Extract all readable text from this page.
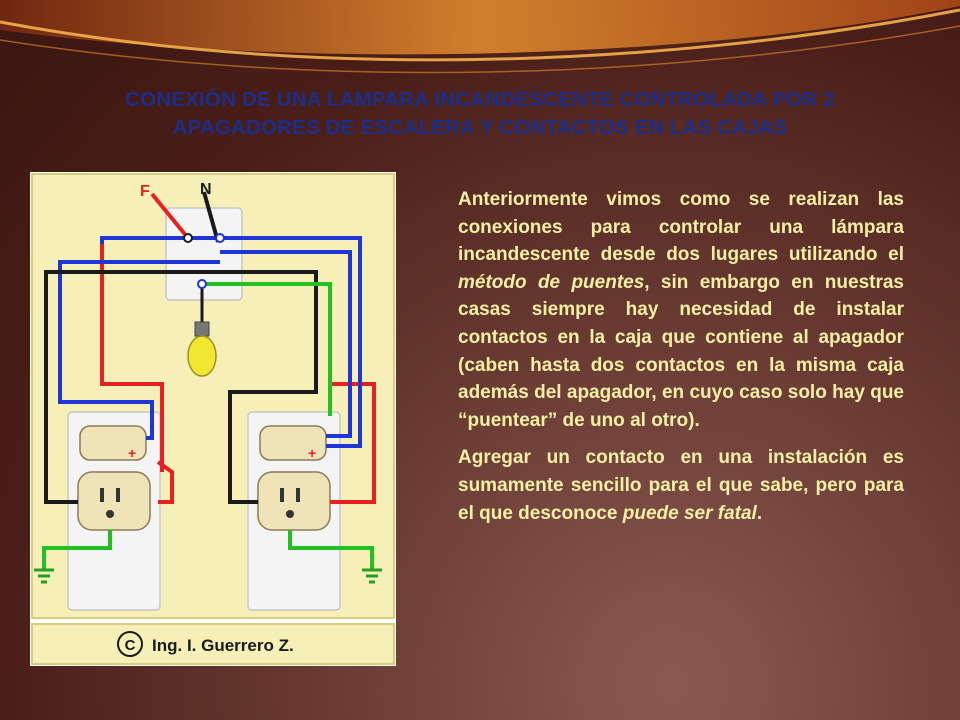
CONEXIÓN DE UNA LAMPARA INCANDESCENTE CONTROLADA POR 2 APAGADORES DE ESCALERA Y CONTACTOS EN LAS CAJAS
F	N
+	+
C Ing. I. Guerrero Z.

Anteriormente vimos como se realizan las conexiones para controlar una lámpara incandescente desde dos lugares utilizando el método de puentes, sin embargo en nuestras casas siempre hay necesidad de instalar contactos en la caja que contiene al apagador (caben hasta dos contactos en la misma caja además del apagador, en cuyo caso solo hay que “puentear” de uno al otro).

Agregar un contacto en una instalación es sumamente sencillo para el que sabe, pero para el que desconoce puede ser fatal.
